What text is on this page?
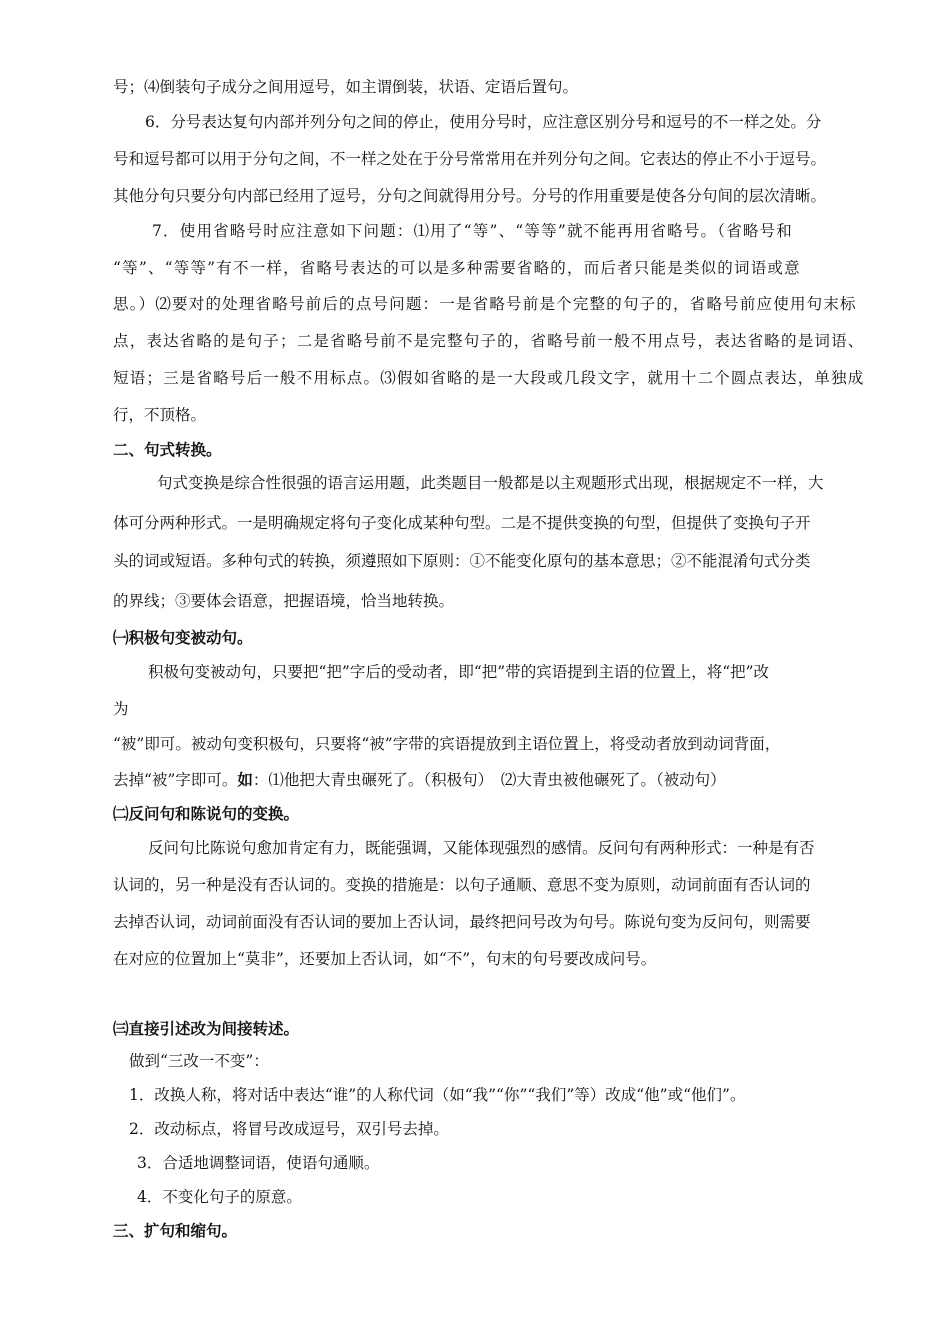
号；⑷倒装句子成分之间用逗号，如主谓倒装，状语、定语后置句。
6．分号表达复句内部并列分句之间的停止，使用分号时，应注意区别分号和逗号的不一样之处。分
号和逗号都可以用于分句之间，不一样之处在于分号常常用在并列分句之间。它表达的停止不小于逗号。
其他分句只要分句内部已经用了逗号，分句之间就得用分号。分号的作用重要是使各分句间的层次清晰。
7．使用省略号时应注意如下问题：⑴用了“等”、“等等”就不能再用省略号。（省略号和
“等”、“等等”有不一样，省略号表达的可以是多种需要省略的，而后者只能是类似的词语或意
思。）⑵要对的处理省略号前后的点号问题：一是省略号前是个完整的句子的，省略号前应使用句末标
点，表达省略的是句子；二是省略号前不是完整句子的，省略号前一般不用点号，表达省略的是词语、
短语；三是省略号后一般不用标点。⑶假如省略的是一大段或几段文字，就用十二个圆点表达，单独成
行，不顶格。
二、句式转换。
句式变换是综合性很强的语言运用题，此类题目一般都是以主观题形式出现，根据规定不一样，大
体可分两种形式。一是明确规定将句子变化成某种句型。二是不提供变换的句型，但提供了变换句子开
头的词或短语。多种句式的转换，须遵照如下原则：①不能变化原句的基本意思；②不能混淆句式分类
的界线；③要体会语意，把握语境，恰当地转换。
㈠积极句变被动句。
积极句变被动句，只要把“把”字后的受动者，即“把”带的宾语提到主语的位置上，将“把”改
为
“被”即可。被动句变积极句，只要将“被”字带的宾语提放到主语位置上，将受动者放到动词背面，
去掉“被”字即可。如：⑴他把大青虫碾死了。（积极句）　⑵大青虫被他碾死了。（被动句）
㈡反问句和陈说句的变换。
反问句比陈说句愈加肯定有力，既能强调，又能体现强烈的感情。反问句有两种形式：一种是有否
认词的，另一种是没有否认词的。变换的措施是：以句子通顺、意思不变为原则，动词前面有否认词的
去掉否认词，动词前面没有否认词的要加上否认词，最终把问号改为句号。陈说句变为反问句，则需要
在对应的位置加上“莫非”，还要加上否认词，如“不”，句末的句号要改成问号。
㈢直接引述改为间接转述。
做到“三改一不变”：
1．改换人称，将对话中表达“谁”的人称代词（如“我”“你”“我们”等）改成“他”或“他们”。
2．改动标点，将冒号改成逗号，双引号去掉。
3．合适地调整词语，使语句通顺。
4．不变化句子的原意。
三、扩句和缩句。
